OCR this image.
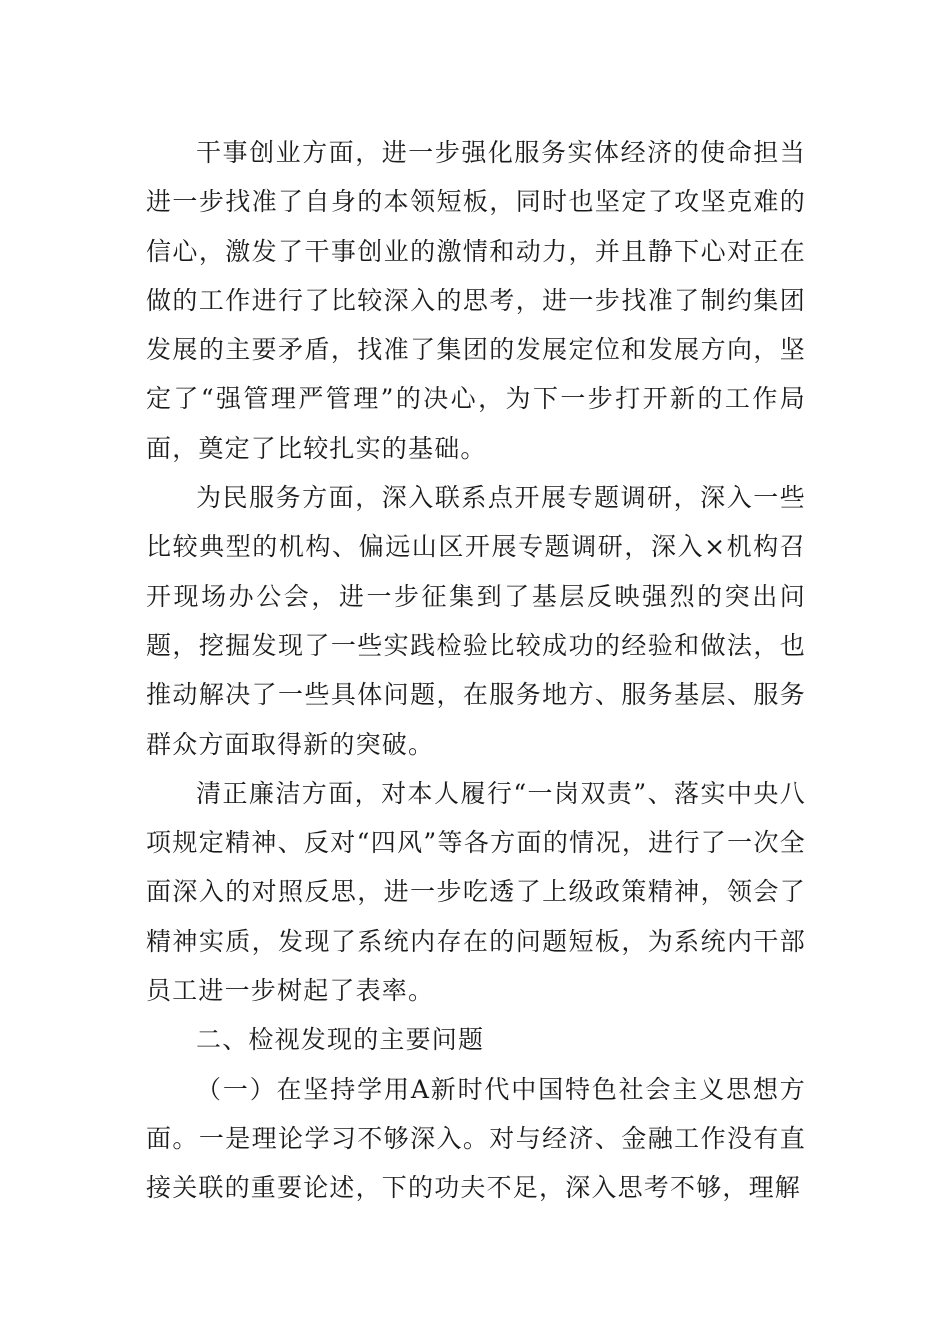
干事创业方面，进一步强化服务实体经济的使命担当进一步找准了自身的本领短板，同时也坚定了攻坚克难的信心，激发了干事创业的激情和动力，并且静下心对正在做的工作进行了比较深入的思考，进一步找准了制约集团发展的主要矛盾，找准了集团的发展定位和发展方向，坚定了“强管理严管理”的决心，为下一步打开新的工作局面，奠定了比较扎实的基础。

为民服务方面，深入联系点开展专题调研，深入一些比较典型的机构、偏远山区开展专题调研，深入×机构召开现场办公会，进一步征集到了基层反映强烈的突出问题，挖掘发现了一些实践检验比较成功的经验和做法，也推动解决了一些具体问题，在服务地方、服务基层、服务群众方面取得新的突破。

清正廉洁方面，对本人履行“一岗双责”、落实中央八项规定精神、反对“四风”等各方面的情况，进行了一次全面深入的对照反思，进一步吃透了上级政策精神，领会了精神实质，发现了系统内存在的问题短板，为系统内干部员工进一步树起了表率。

二、检视发现的主要问题

（一）在坚持学用A新时代中国特色社会主义思想方面。一是理论学习不够深入。对与经济、金融工作没有直接关联的重要论述，下的功夫不足，深入思考不够，理解
